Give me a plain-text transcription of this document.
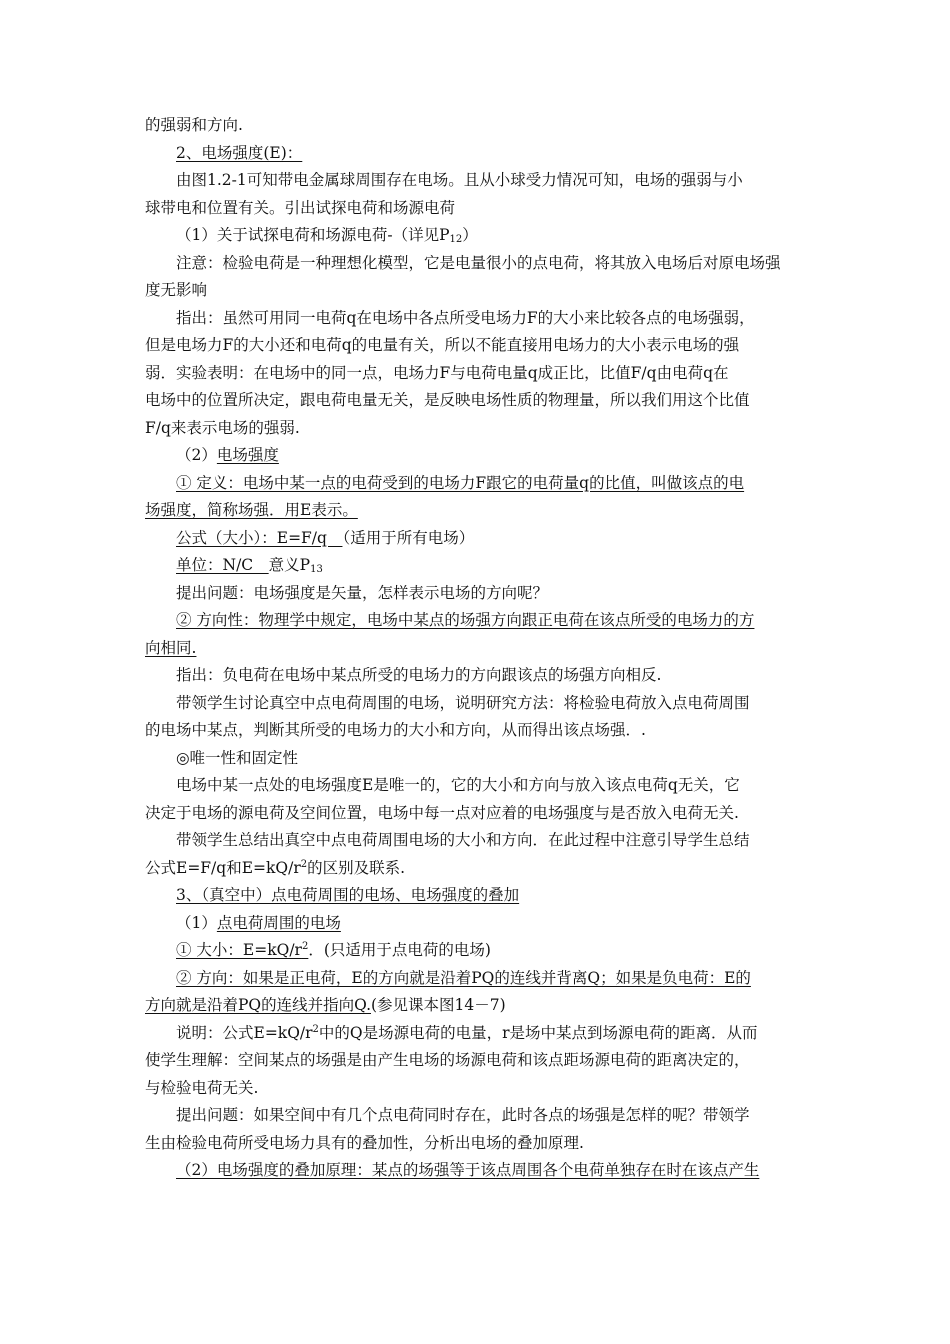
的强弱和方向.
2、电场强度(E)：
由图1.2-1可知带电金属球周围存在电场。且从小球受力情况可知，电场的强弱与小
球带电和位置有关。引出试探电荷和场源电荷
（1）关于试探电荷和场源电荷-（详见$P_{12}$）
注意：检验电荷是一种理想化模型，它是电量很小的点电荷，将其放入电场后对原电场强
度无影响
指出：虽然可用同一电荷q在电场中各点所受电场力F的大小来比较各点的电场强弱，
但是电场力F的大小还和电荷q的电量有关，所以不能直接用电场力的大小表示电场的强
弱．实验表明：在电场中的同一点，电场力F与电荷电量q成正比，比值F/q由电荷q在
电场中的位置所决定，跟电荷电量无关，是反映电场性质的物理量，所以我们用这个比值
F/q来表示电场的强弱.
（2）电场强度
① 定义：电场中某一点的电荷受到的电场力F跟它的电荷量q的比值，叫做该点的电
场强度，简称场强．用E表示。
公式（大小）：E=F/q　（适用于所有电场）
单位：N/C　意义$P_{13}$
提出问题：电场强度是矢量，怎样表示电场的方向呢？
② 方向性：物理学中规定，电场中某点的场强方向跟正电荷在该点所受的电场力的方
向相同.
指出：负电荷在电场中某点所受的电场力的方向跟该点的场强方向相反.
带领学生讨论真空中点电荷周围的电场，说明研究方法：将检验电荷放入点电荷周围
的电场中某点，判断其所受的电场力的大小和方向，从而得出该点场强．.
◎唯一性和固定性
电场中某一点处的电场强度E是唯一的，它的大小和方向与放入该点电荷q无关，它
决定于电场的源电荷及空间位置，电场中每一点对应着的电场强度与是否放入电荷无关.
带领学生总结出真空中点电荷周围电场的大小和方向．在此过程中注意引导学生总结
公式E=F/q和$E=kQ/r^2$的区别及联系.
3、（真空中）点电荷周围的电场、电场强度的叠加
（1）点电荷周围的电场
① 大小：$E=kQ/r^2$．(只适用于点电荷的电场)
② 方向：如果是正电荷，E的方向就是沿着PQ的连线并背离Q；如果是负电荷：E的
方向就是沿着PQ的连线并指向Q.(参见课本图14－7)
说明：公式$E=kQ/r^2$中的Q是场源电荷的电量，r是场中某点到场源电荷的距离．从而
使学生理解：空间某点的场强是由产生电场的场源电荷和该点距场源电荷的距离决定的，
与检验电荷无关.
提出问题：如果空间中有几个点电荷同时存在，此时各点的场强是怎样的呢？带领学
生由检验电荷所受电场力具有的叠加性，分析出电场的叠加原理.
（2）电场强度的叠加原理：某点的场强等于该点周围各个电荷单独存在时在该点产生
